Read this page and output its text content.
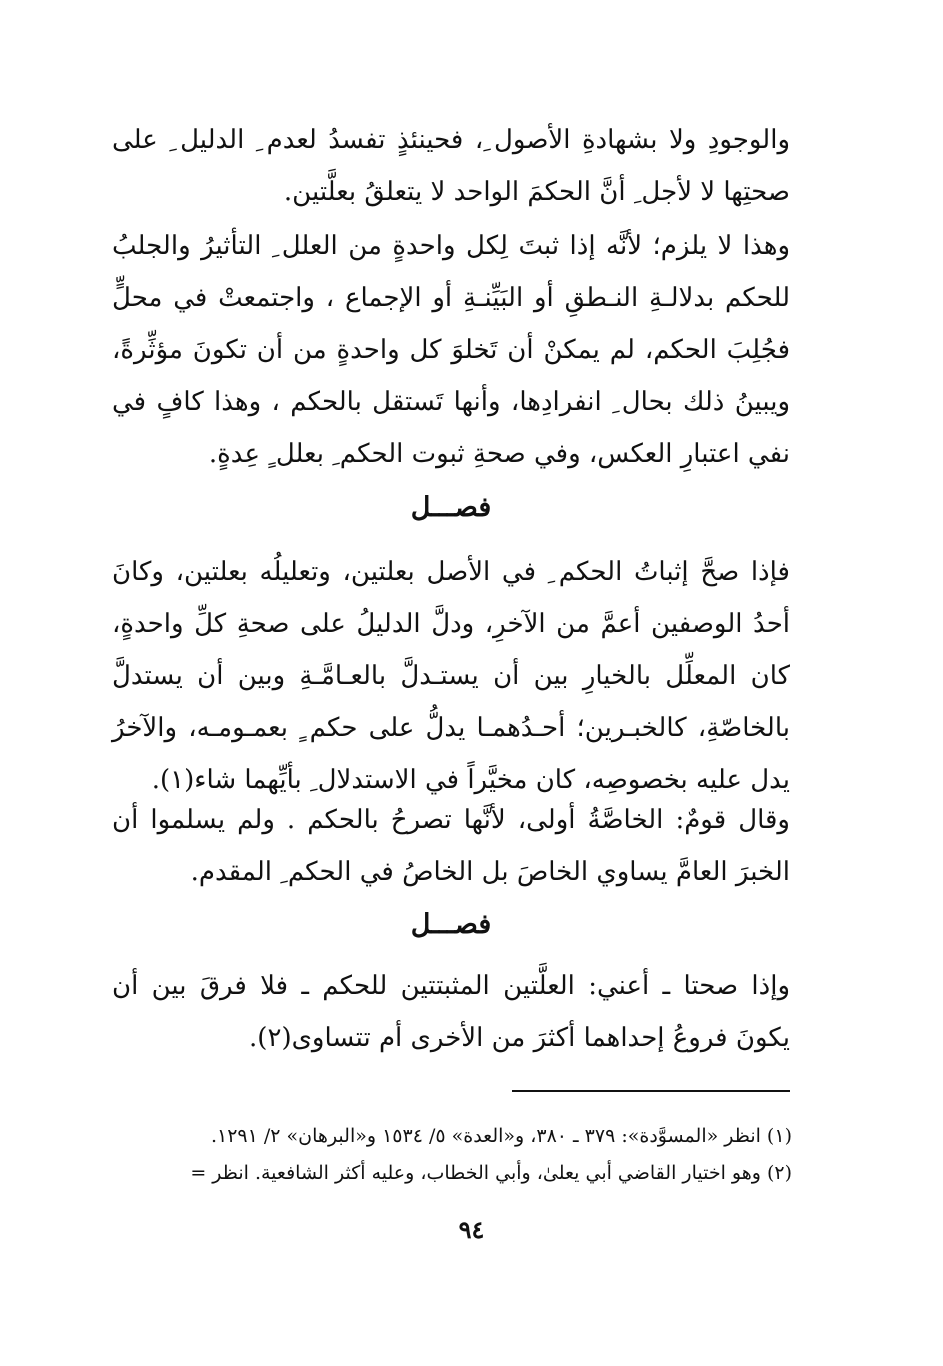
والوجودِ ولا بشهادةِ الأصول ِ، فحينئذٍ تفسدُ لعدم ِ الدليل ِ على صحتِها لا لأجل ِ أنَّ الحكمَ الواحد لا يتعلقُ بعلَّتين.

وهذا لا يلزم؛ لأنَّه إذا ثبتَ لِكل واحدةٍ من العلل ِ التأثيرُ والجلبُ للحكم بدلالـةِ النـطقِ أو البَيِّنـةِ أو الإجماع ، واجتمعتْ في محلٍّ فجُلِبَ الحكم، لم يمكنْ أن تَخلوَ كل واحدةٍ من أن تكونَ مؤثِّرةً، ويبينُ ذلك بحال ِ انفرادِها، وأنها تَستقل بالحكم ، وهذا كافٍ في نفي اعتبارِ العكس، وفي صحةِ ثبوت الحكم ِ بعلل ٍ عِدةٍ.

فصـــل

فإذا صحَّ إثباتُ الحكم ِ في الأصل بعلتين، وتعليلُه بعلتين، وكانَ أحدُ الوصفين أعمَّ من الآخرِ، ودلَّ الدليلُ على صحةِ كلِّ واحدةٍ، كان المعلِّل بالخيارِ بين أن يستـدلَّ بالعـامَّـةِ وبين أن يستدلَّ بالخاصّةِ، كالخبـرين؛ أحـدُهمـا يدلُّ على حكم ٍ بعمـومـه، والآخرُ يدل عليه بخصوصِه، كان مخيَّراً في الاستدلال ِ بأيِّهما شاء(١).

وقال قومٌ: الخاصَّةُ أولى، لأنَّها تصرحُ بالحكم . ولم يسلموا أن الخبرَ العامَّ يساوي الخاصَ بل الخاصُ في الحكم ِ المقدم.

فصـــل

وإذا صحتا ـ أعني: العلَّتين المثبتتين للحكم ـ فلا فرقَ بين أن يكونَ فروعُ إحداهما أكثرَ من الأخرى أم تتساوى(٢).

(١) انظر «المسوَّدة»: ٣٧٩ ـ ٣٨٠، و«العدة» ٥/ ١٥٣٤ و«البرهان» ٢/ ١٢٩١.

(٢) وهو اختيار القاضي أبي يعلىٰ، وأبي الخطاب، وعليه أكثر الشافعية. انظر =

٩٤
